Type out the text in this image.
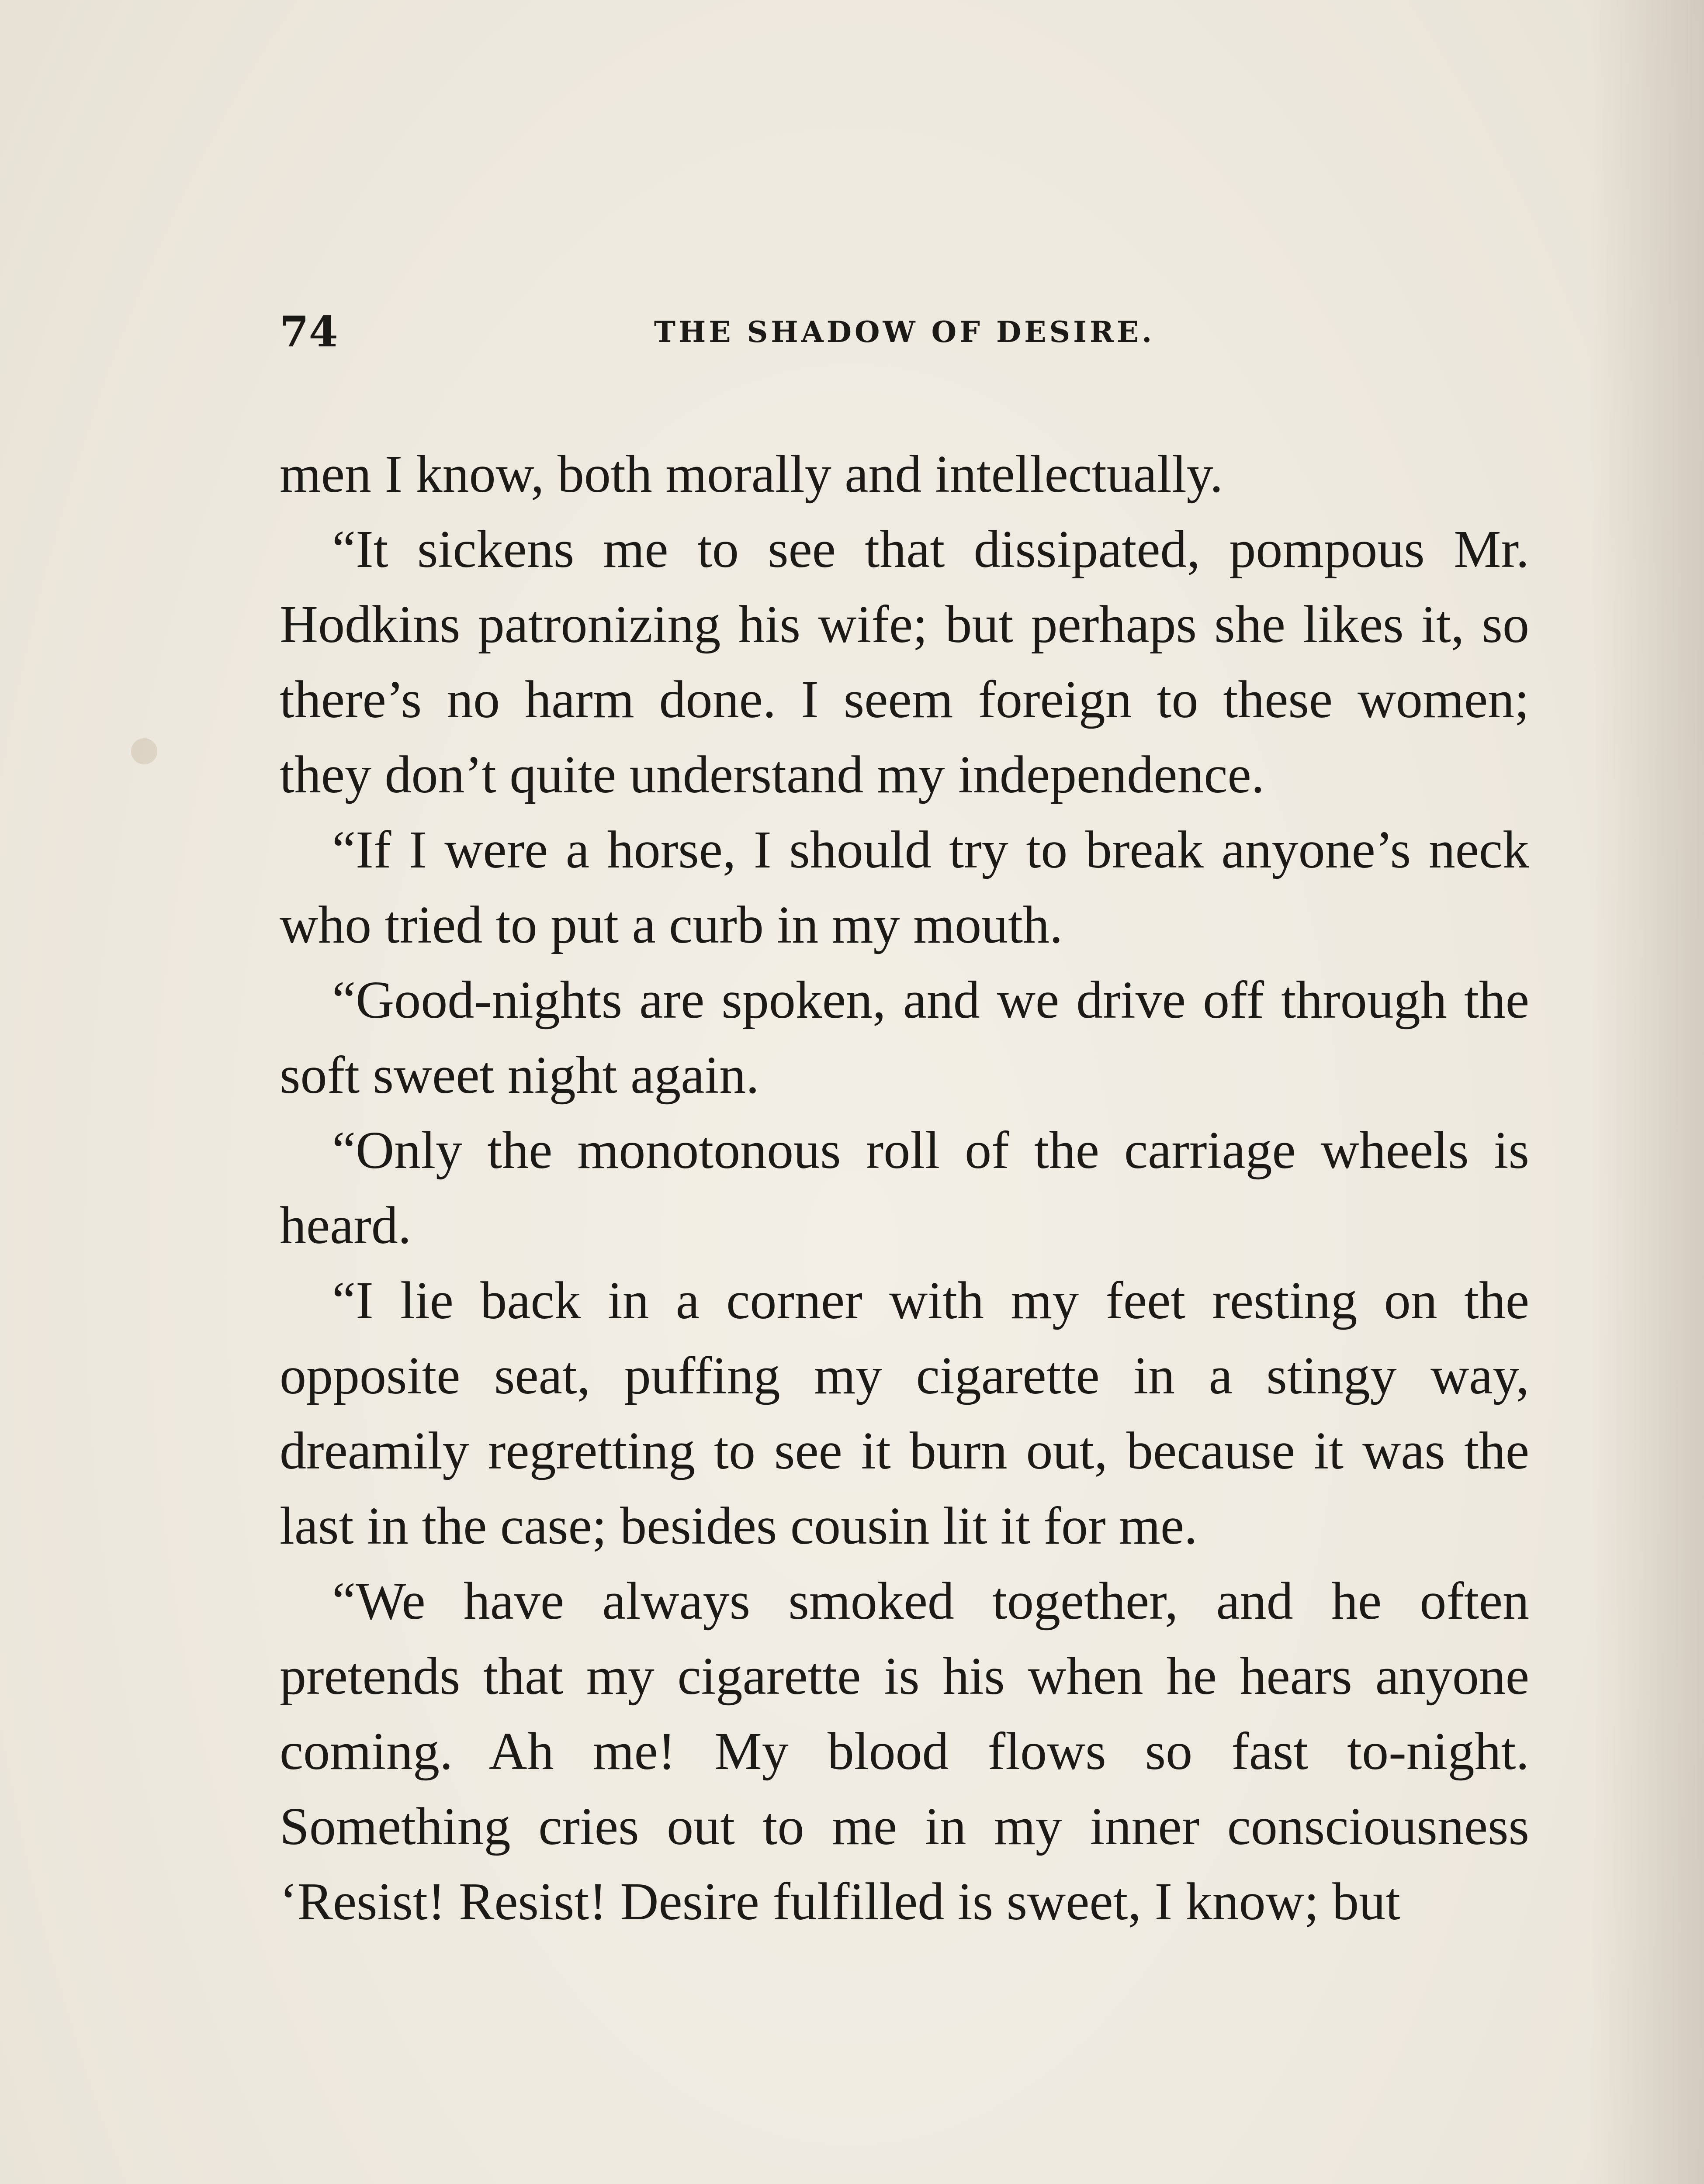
74	THE SHADOW OF DESIRE.

men I know, both morally and intellectually.

“It sickens me to see that dissipated, pompous Mr. Hodkins patronizing his wife; but perhaps she likes it, so there’s no harm done. I seem foreign to these women; they don’t quite understand my independence.

“If I were a horse, I should try to break anyone’s neck who tried to put a curb in my mouth.

“Good-nights are spoken, and we drive off through the soft sweet night again.

“Only the monotonous roll of the carriage wheels is heard.

“I lie back in a corner with my feet resting on the opposite seat, puffing my cigarette in a stingy way, dreamily regretting to see it burn out, because it was the last in the case; besides cousin lit it for me.

“We have always smoked together, and he often pretends that my cigarette is his when he hears anyone coming. Ah me! My blood flows so fast to-night. Something cries out to me in my inner consciousness ‘Resist! Resist! Desire fulfilled is sweet, I know; but
